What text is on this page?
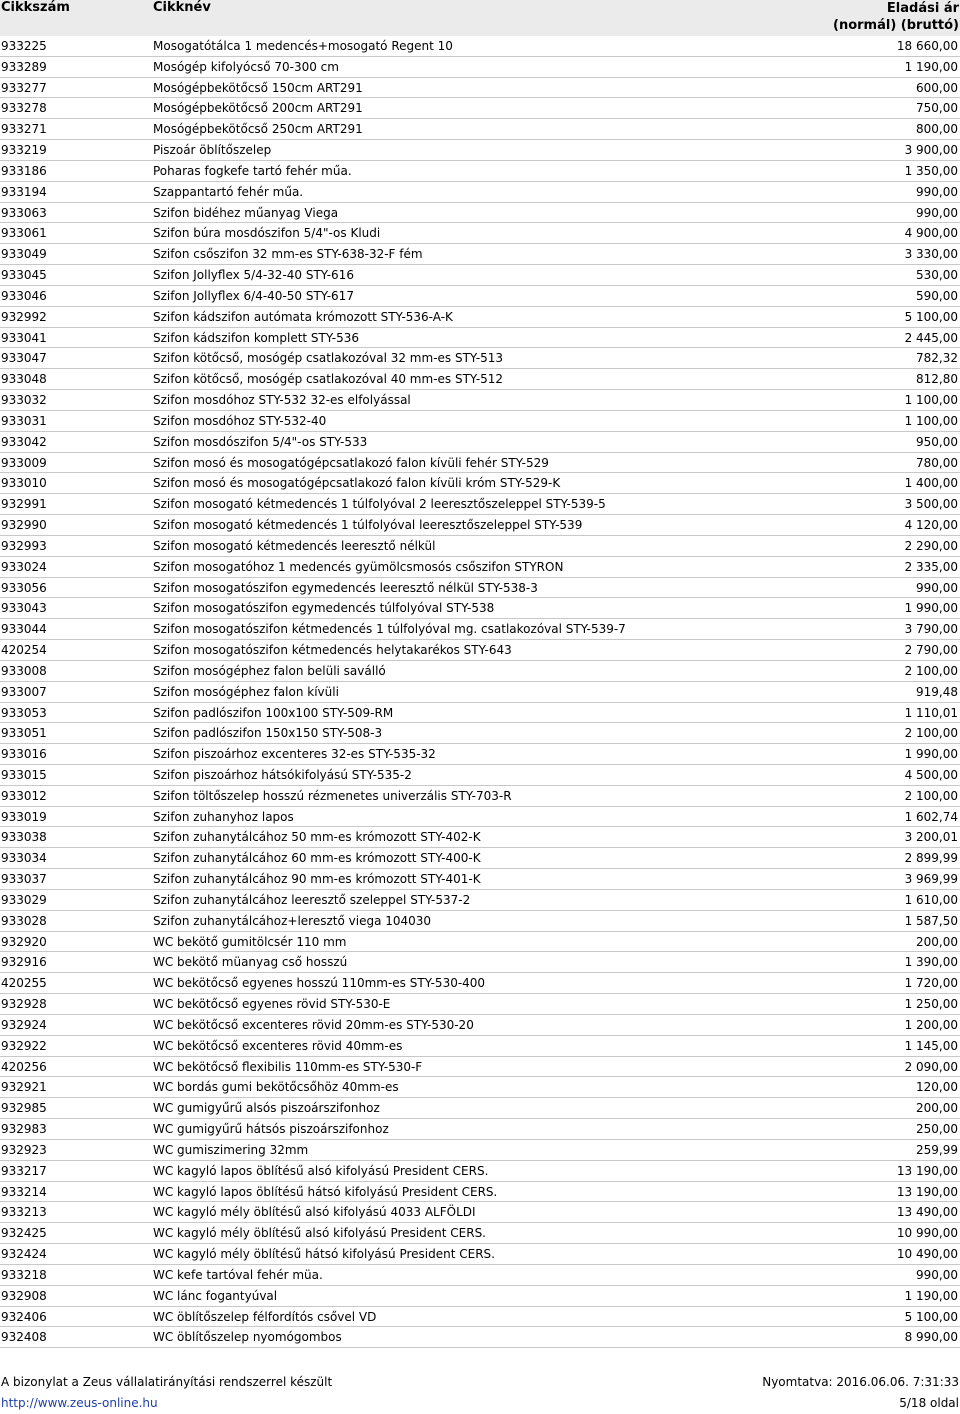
Cikkszám	Cikknév	Eladási ár
(normál) (bruttó)
933225	Mosogatótálca 1 medencés+mosogató Regent 10	18 660,00
933289	Mosógép kifolyócső 70-300 cm	1 190,00
933277	Mosógépbekötőcső 150cm ART291	600,00
933278	Mosógépbekötőcső 200cm ART291	750,00
933271	Mosógépbekötőcső 250cm ART291	800,00
933219	Piszoár öblítőszelep	3 900,00
933186	Poharas fogkefe tartó fehér műa.	1 350,00
933194	Szappantartó fehér műa.	990,00
933063	Szifon bidéhez műanyag Viega	990,00
933061	Szifon búra mosdószifon 5/4"-os Kludi	4 900,00
933049	Szifon csőszifon 32 mm-es STY-638-32-F fém	3 330,00
933045	Szifon Jollyflex 5/4-32-40 STY-616	530,00
933046	Szifon Jollyflex 6/4-40-50 STY-617	590,00
932992	Szifon kádszifon autómata krómozott STY-536-A-K	5 100,00
933041	Szifon kádszifon komplett STY-536	2 445,00
933047	Szifon kötőcső, mosógép csatlakozóval 32 mm-es STY-513	782,32
933048	Szifon kötőcső, mosógép csatlakozóval 40 mm-es STY-512	812,80
933032	Szifon mosdóhoz STY-532 32-es elfolyással	1 100,00
933031	Szifon mosdóhoz STY-532-40	1 100,00
933042	Szifon mosdószifon 5/4"-os STY-533	950,00
933009	Szifon mosó és mosogatógépcsatlakozó falon kívüli fehér STY-529	780,00
933010	Szifon mosó és mosogatógépcsatlakozó falon kívüli króm STY-529-K	1 400,00
932991	Szifon mosogató kétmedencés 1 túlfolyóval 2 leeresztőszeleppel STY-539-5	3 500,00
932990	Szifon mosogató kétmedencés 1 túlfolyóval leeresztőszeleppel STY-539	4 120,00
932993	Szifon mosogató kétmedencés leeresztő nélkül	2 290,00
933024	Szifon mosogatóhoz 1 medencés gyümölcsmosós csőszifon STYRON	2 335,00
933056	Szifon mosogatószifon egymedencés leeresztő nélkül STY-538-3	990,00
933043	Szifon mosogatószifon egymedencés túlfolyóval STY-538	1 990,00
933044	Szifon mosogatószifon kétmedencés 1 túlfolyóval mg. csatlakozóval STY-539-7	3 790,00
420254	Szifon mosogatószifon kétmedencés helytakarékos STY-643	2 790,00
933008	Szifon mosógéphez falon belüli saválló	2 100,00
933007	Szifon mosógéphez falon kívüli	919,48
933053	Szifon padlószifon 100x100 STY-509-RM	1 110,01
933051	Szifon padlószifon 150x150 STY-508-3	2 100,00
933016	Szifon piszoárhoz excenteres 32-es STY-535-32	1 990,00
933015	Szifon piszoárhoz hátsókifolyású STY-535-2	4 500,00
933012	Szifon töltőszelep hosszú rézmenetes univerzális STY-703-R	2 100,00
933019	Szifon zuhanyhoz lapos	1 602,74
933038	Szifon zuhanytálcához 50 mm-es krómozott STY-402-K	3 200,01
933034	Szifon zuhanytálcához 60 mm-es krómozott STY-400-K	2 899,99
933037	Szifon zuhanytálcához 90 mm-es krómozott STY-401-K	3 969,99
933029	Szifon zuhanytálcához leeresztő szeleppel STY-537-2	1 610,00
933028	Szifon zuhanytálcához+leresztő viega 104030	1 587,50
932920	WC bekötő gumitölcsér 110 mm	200,00
932916	WC bekötő müanyag cső hosszú	1 390,00
420255	WC bekötőcső egyenes hosszú 110mm-es STY-530-400	1 720,00
932928	WC bekötőcső egyenes rövid STY-530-E	1 250,00
932924	WC bekötőcső excenteres rövid 20mm-es STY-530-20	1 200,00
932922	WC bekötőcső excenteres rövid 40mm-es	1 145,00
420256	WC bekötőcső flexibilis 110mm-es STY-530-F	2 090,00
932921	WC bordás gumi bekötőcsőhöz 40mm-es	120,00
932985	WC gumigyűrű alsós piszoárszifonhoz	200,00
932983	WC gumigyűrű hátsós piszoárszifonhoz	250,00
932923	WC gumiszimering 32mm	259,99
933217	WC kagyló lapos öblítésű alsó kifolyású President CERS.	13 190,00
933214	WC kagyló lapos öblítésű hátsó kifolyású President CERS.	13 190,00
933213	WC kagyló mély öblítésű alsó kifolyású 4033 ALFÖLDI	13 490,00
932425	WC kagyló mély öblítésű alsó kifolyású President CERS.	10 990,00
932424	WC kagyló mély öblítésű hátsó kifolyású President CERS.	10 490,00
933218	WC kefe tartóval fehér müa.	990,00
932908	WC lánc fogantyúval	1 190,00
932406	WC öblítőszelep félfordítós csővel VD	5 100,00
932408	WC öblítőszelep nyomógombos	8 990,00
A bizonylat a Zeus vállalatirányítási rendszerrel készült
http://www.zeus-online.hu
Nyomtatva: 2016.06.06. 7:31:33
5/18 oldal
